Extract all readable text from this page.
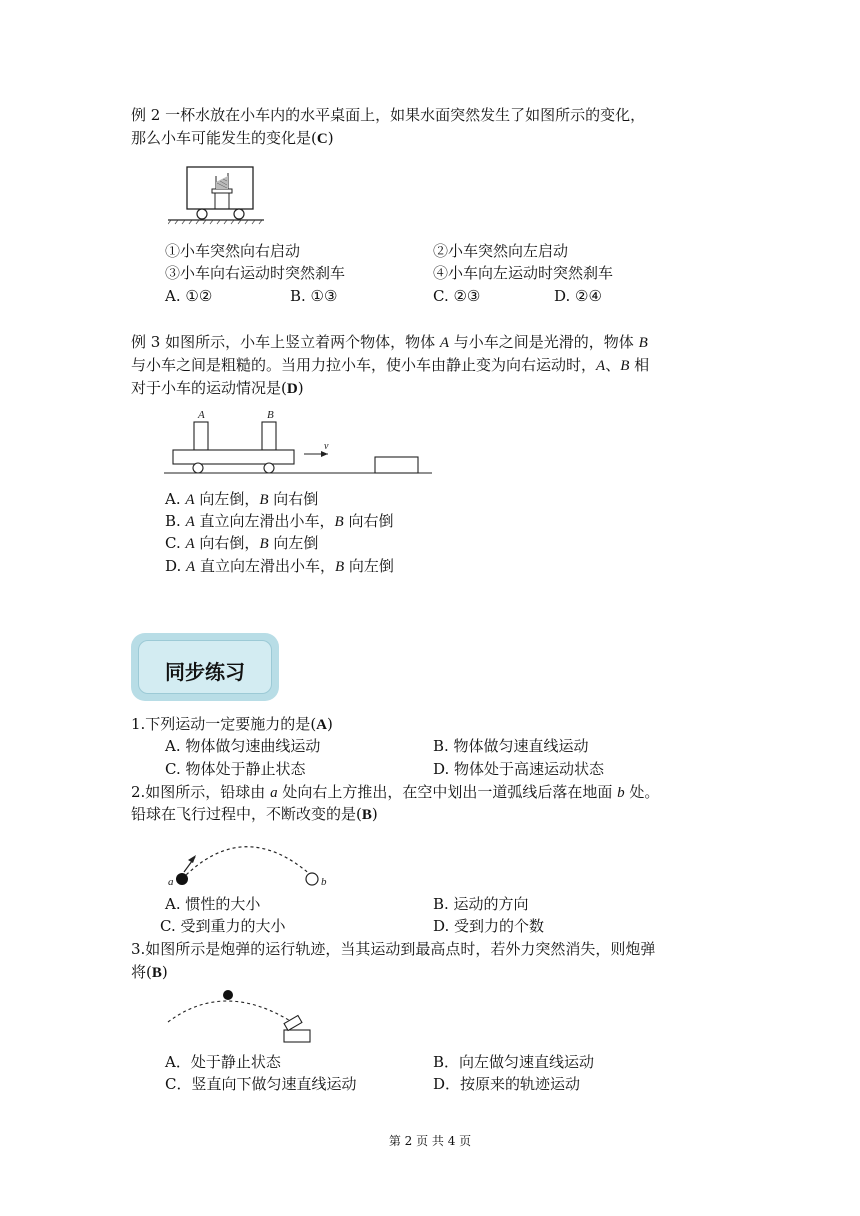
例 2 一杯水放在小车内的水平桌面上，如果水面突然发生了如图所示的变化，
那么小车可能发生的变化是(C)
①小车突然向右启动	②小车突然向左启动
③小车向右运动时突然刹车	④小车向左运动时突然刹车
A. ①②	B. ①③	C. ②③	D. ②④
例 3 如图所示，小车上竖立着两个物体，物体 A 与小车之间是光滑的，物体 B
与小车之间是粗糙的。当用力拉小车，使小车由静止变为向右运动时，A、B 相
对于小车的运动情况是(D)
A	B
v
A. A 向左倒，B 向右倒
B. A 直立向左滑出小车，B 向右倒
C. A 向右倒，B 向左倒
D. A 直立向左滑出小车，B 向左倒
同步练习
1.下列运动一定要施力的是(A)
A. 物体做匀速曲线运动	B. 物体做匀速直线运动
C. 物体处于静止状态	D. 物体处于高速运动状态
2.如图所示，铅球由 a 处向右上方推出，在空中划出一道弧线后落在地面 b 处。
铅球在飞行过程中，不断改变的是(B)
a	b
A. 惯性的大小	B. 运动的方向
C. 受到重力的大小	D. 受到力的个数
3.如图所示是炮弹的运行轨迹，当其运动到最高点时，若外力突然消失，则炮弹
将(B)
A．处于静止状态	B．向左做匀速直线运动
C．竖直向下做匀速直线运动	D．按原来的轨迹运动
第 2 页 共 4 页
